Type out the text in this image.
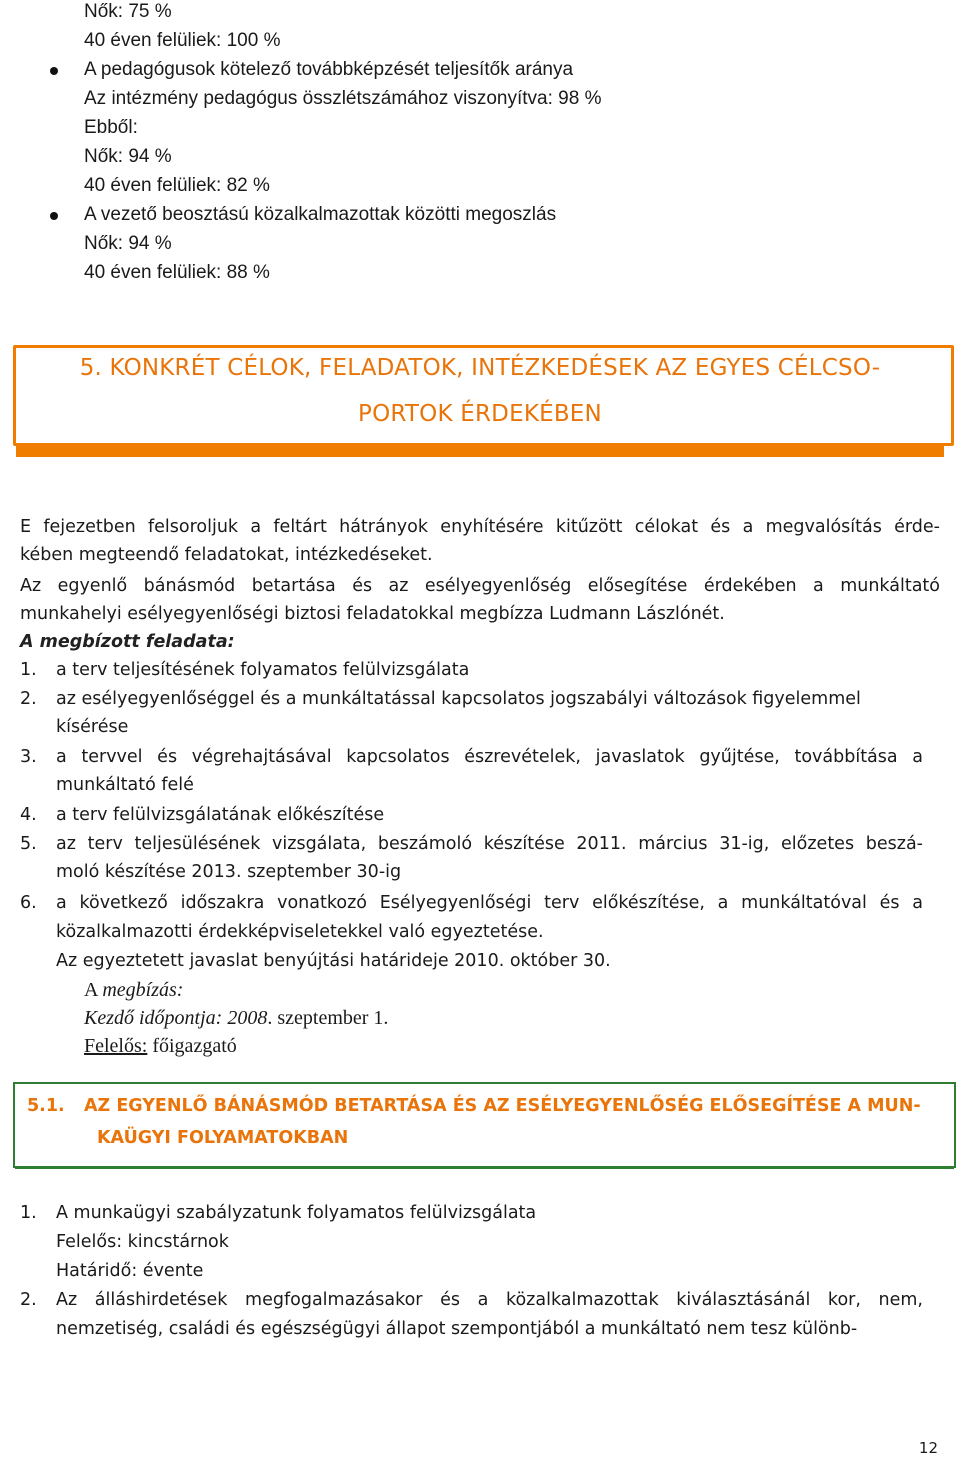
Nők: 75 %
40 éven felüliek: 100 %
A pedagógusok kötelező továbbképzését teljesítők aránya
Az intézmény pedagógus összlétszámához viszonyítva: 98 %
Ebből:
Nők: 94 %
40 éven felüliek: 82 %
A vezető beosztású közalkalmazottak közötti megoszlás
Nők: 94 %
40 éven felüliek: 88 %
5. KONKRÉT CÉLOK, FELADATOK, INTÉZKEDÉSEK AZ EGYES CÉLCSO-
PORTOK ÉRDEKÉBEN
E fejezetben felsoroljuk a feltárt hátrányok enyhítésére kitűzött célokat és a megvalósítás érde-
kében megteendő feladatokat, intézkedéseket.
Az egyenlő bánásmód betartása és az esélyegyenlőség elősegítése érdekében a munkáltató
munkahelyi esélyegyenlőségi biztosi feladatokkal megbízza Ludmann Lászlónét.
A megbízott feladata:
1. a terv teljesítésének folyamatos felülvizsgálata
2. az esélyegyenlőséggel és a munkáltatással kapcsolatos jogszabályi változások figyelemmel
kísérése
3. a tervvel és végrehajtásával kapcsolatos észrevételek, javaslatok gyűjtése, továbbítása a
munkáltató felé
4. a terv felülvizsgálatának előkészítése
5. az terv teljesülésének vizsgálata, beszámoló készítése 2011. március 31-ig, előzetes beszá-
moló készítése 2013. szeptember 30-ig
6. a következő időszakra vonatkozó Esélyegyenlőségi terv előkészítése, a munkáltatóval és a
közalkalmazotti érdekképviseletekkel való egyeztetése.
Az egyeztetett javaslat benyújtási határideje 2010. október 30.
A megbízás:
Kezdő időpontja: 2008. szeptember 1.
Felelős: főigazgató
5.1. AZ EGYENLŐ BÁNÁSMÓD BETARTÁSA ÉS AZ ESÉLYEGYENLŐSÉG ELŐSEGÍTÉSE A MUN-
KAÜGYI FOLYAMATOKBAN
1. A munkaügyi szabályzatunk folyamatos felülvizsgálata
Felelős: kincstárnok
Határidő: évente
2. Az álláshirdetések megfogalmazásakor és a közalkalmazottak kiválasztásánál kor, nem,
nemzetiség, családi és egészségügyi állapot szempontjából a munkáltató nem tesz különb-
12
